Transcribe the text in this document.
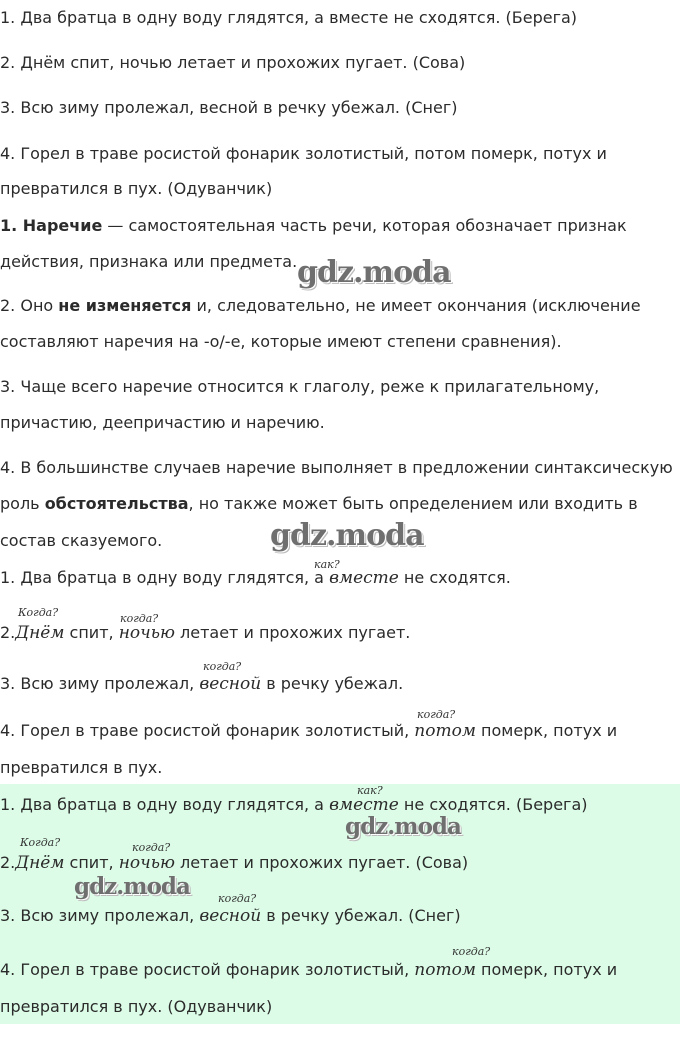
1. Два братца в одну воду глядятся, а вместе не сходятся. (Берега)
2. Днём спит, ночью летает и прохожих пугает. (Сова)
3. Всю зиму пролежал, весной в речку убежал. (Снег)
4. Горел в траве росистой фонарик золотистый, потом померк, потух и
превратился в пух. (Одуванчик)
1. Наречие — самостоятельная часть речи, которая обозначает признак
действия, признака или предмета.
2. Оно не изменяется и, следовательно, не имеет окончания (исключение
составляют наречия на -о/-е, которые имеют степени сравнения).
3. Чаще всего наречие относится к глаголу, реже к прилагательному,
причастию, деепричастию и наречию.
4. В большинстве случаев наречие выполняет в предложении синтаксическую
роль обстоятельства, но также может быть определением или входить в
состав сказуемого.
gdz.moda
gdz.moda
1. Два братца в одну воду глядятся, а вместе не сходятся.
как?
2.Днём спит, ночью летает и прохожих пугает.
Когда?	когда?
3. Всю зиму пролежал, весной в речку убежал.
когда?
4. Горел в траве росистой фонарик золотистый, потом померк, потух и
когда?
превратился в пух.
1. Два братца в одну воду глядятся, а вместе не сходятся. (Берега)
как?
2.Днём спит, ночью летает и прохожих пугает. (Сова)
Когда?	когда?
3. Всю зиму пролежал, весной в речку убежал. (Снег)
когда?
4. Горел в траве росистой фонарик золотистый, потом померк, потух и
когда?
превратился в пух. (Одуванчик)
gdz.moda
gdz.moda
